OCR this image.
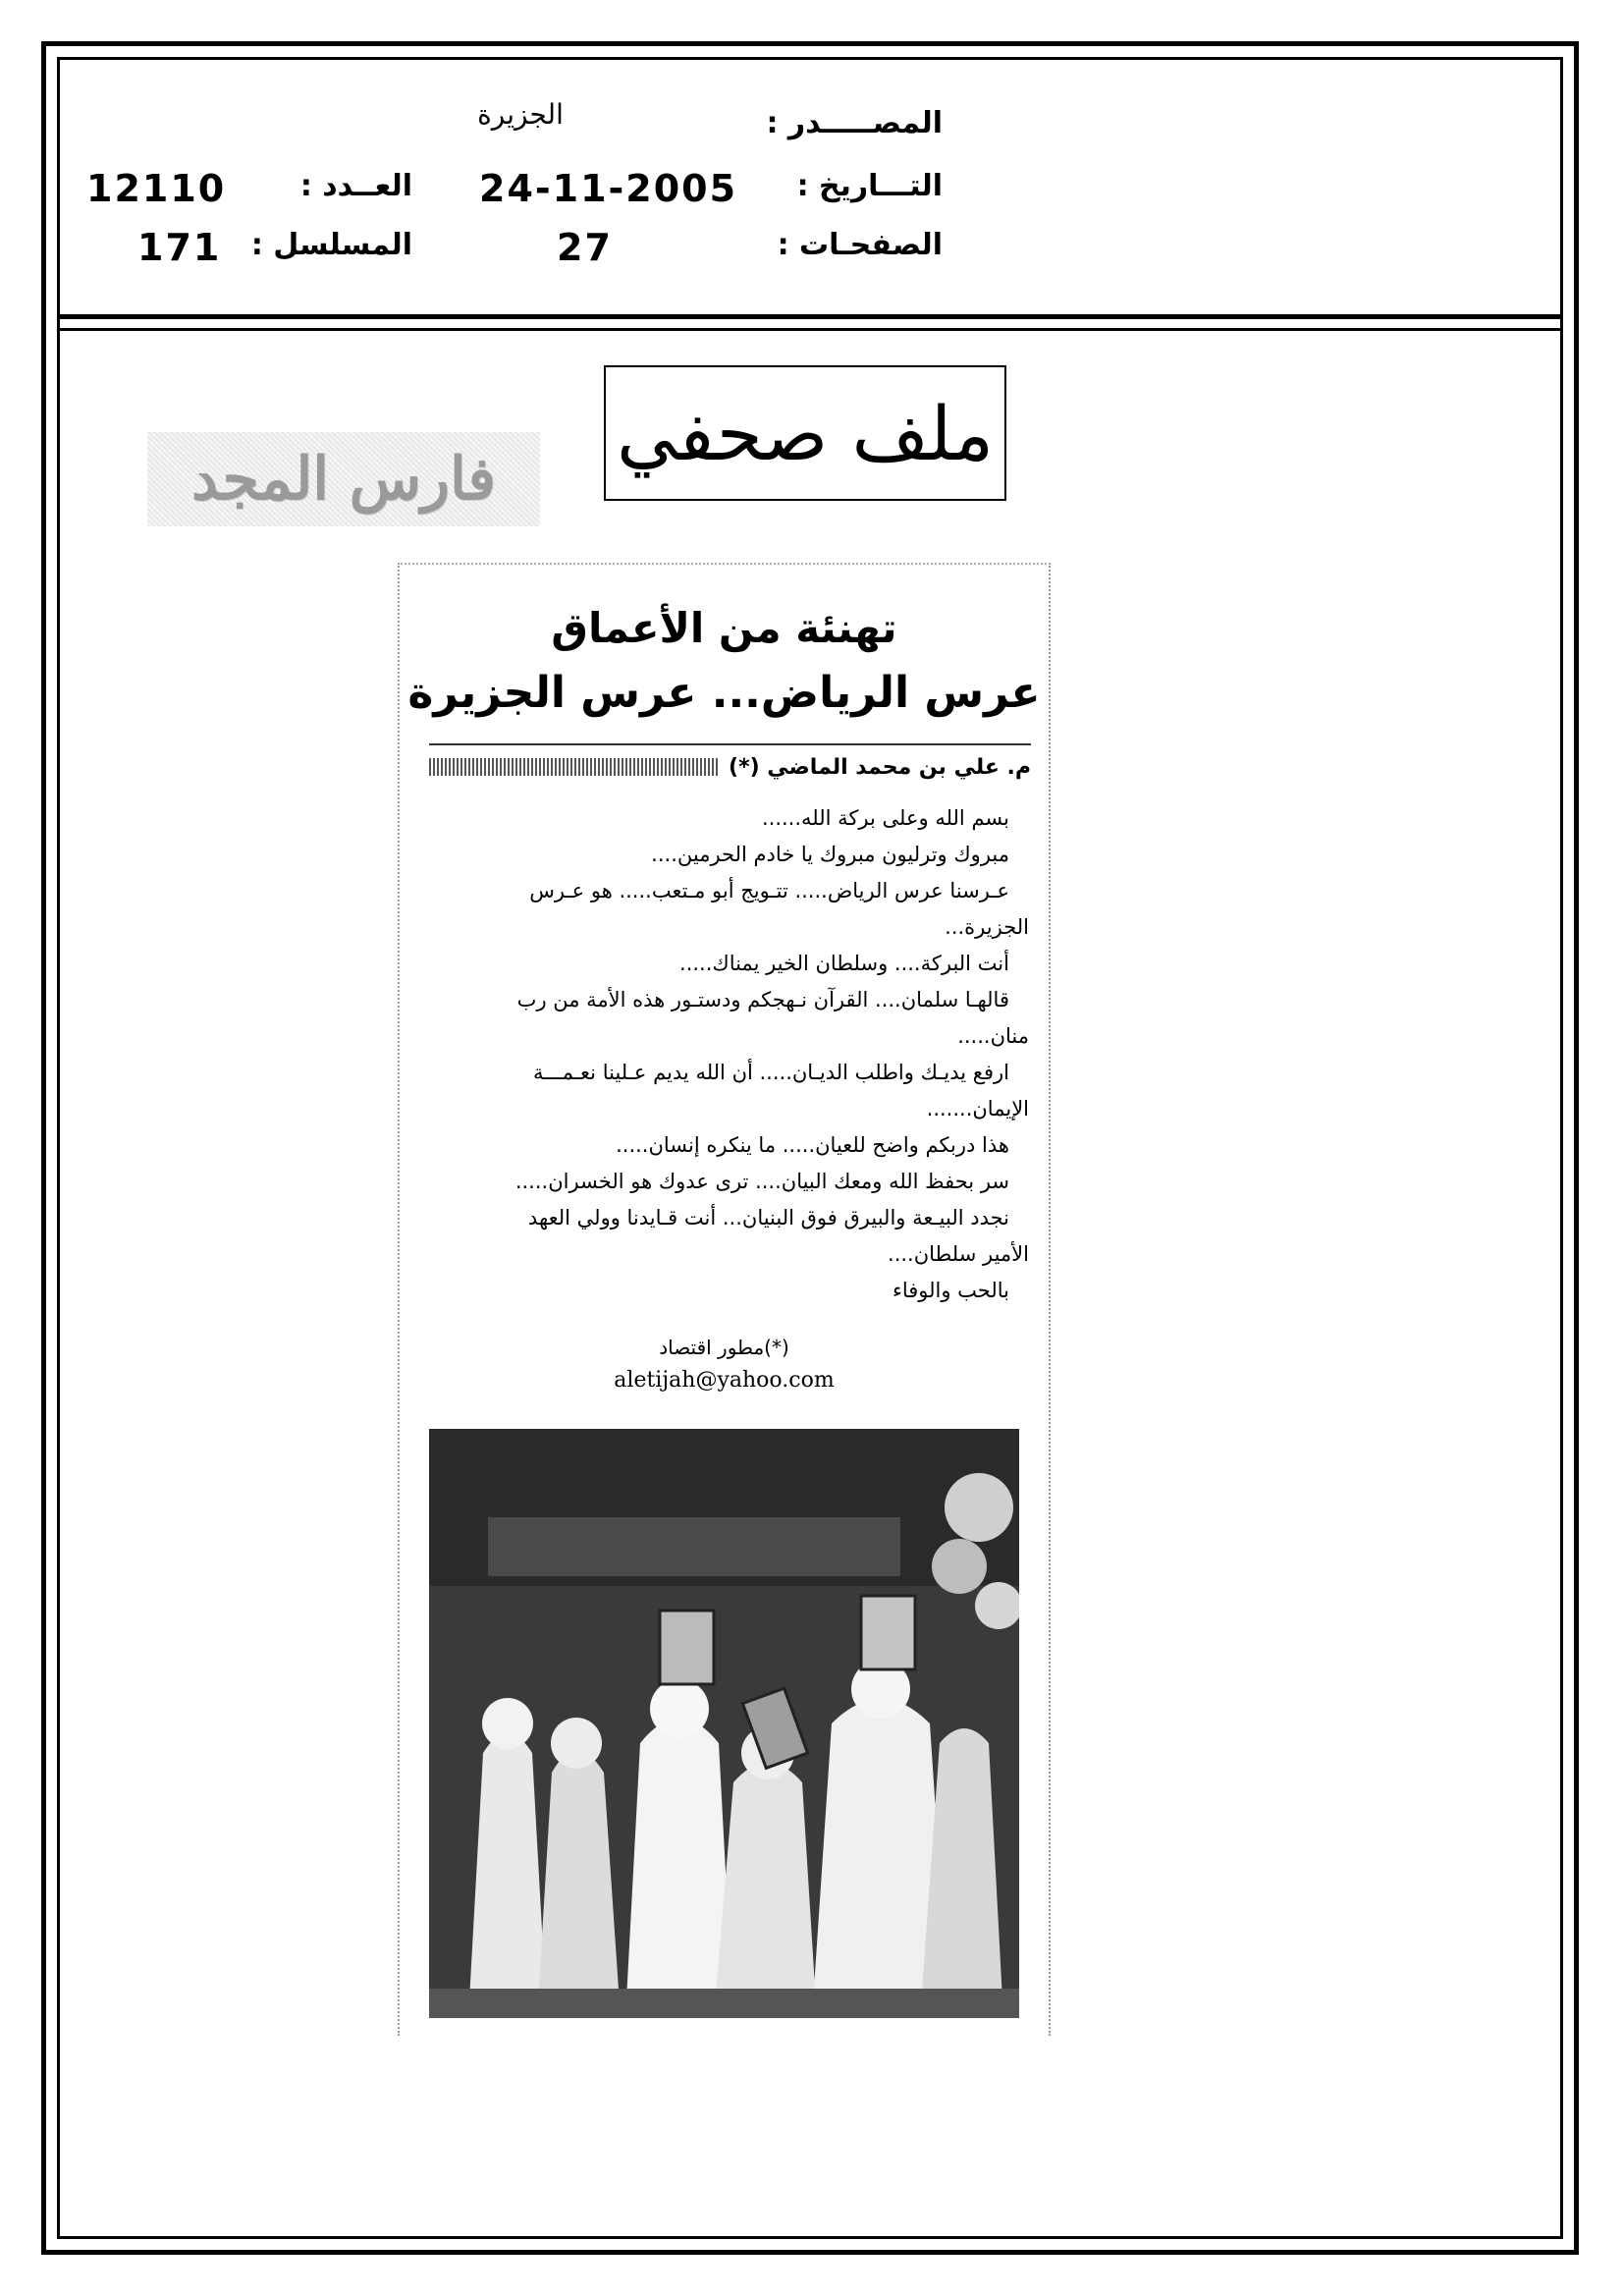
المصـــــدر :
الجزيرة
التـــاريخ :
24-11-2005
الصفحـات :
27
العــدد :
12110
المسلسل :
171
ملف صحفي
فارس المجد
تهنئة من الأعماق
عرس الرياض... عرس الجزيرة
م. علي بن محمد الماضي (*)
بسم الله وعلى بركة الله......
مبروك وترليون مبروك يا خادم الحرمين....
عـرسنا عرس الرياض..... تتـويج أبو مـتعب..... هو عـرس
الجزيرة...
أنت البركة.... وسلطان الخير يمناك.....
قالهـا سلمان.... القرآن نـهجكم ودستـور هذه الأمة من رب
منان.....
ارفع يديـك واطلب الديـان..... أن الله يديم عـلينا نعـمـــة
الإيمان.......
هذا دربكم واضح للعيان..... ما ينكره إنسان.....
سر بحفظ الله ومعك البيان.... ترى عدوك هو الخسران.....
نجدد البيـعة والبيرق فوق البنيان... أنت قـايدنا وولي العهد
الأمير سلطان....
بالحب والوفاء
(*)مطور اقتصاد
aletijah@yahoo.com
